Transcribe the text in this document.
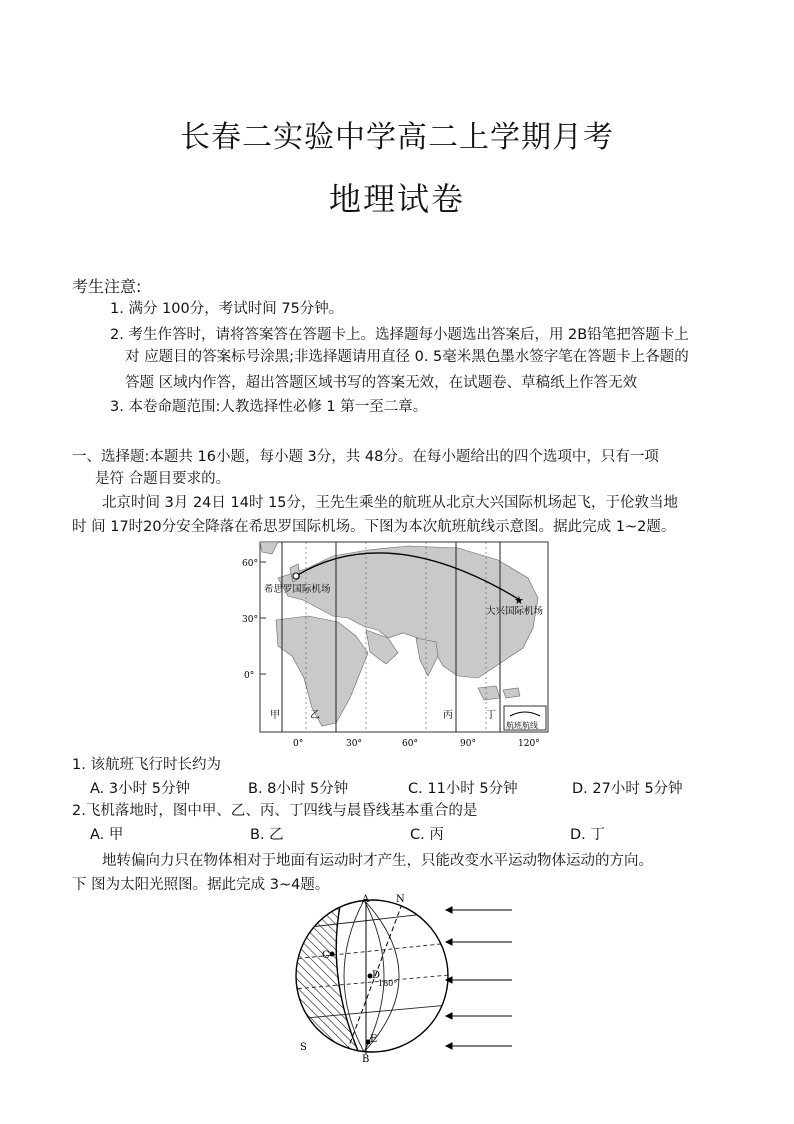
长春二实验中学高二上学期月考
地理试卷
考生注意:
1. 满分 100分，考试时间 75分钟。
2. 考生作答时，请将答案答在答题卡上。选择题每小题选出答案后，用 2B铅笔把答题卡上
对 应题目的答案标号涂黑;非选择题请用直径 0. 5毫米黑色墨水签字笔在答题卡上各题的
答题 区域内作答，超出答题区域书写的答案无效，在试题卷、草稿纸上作答无效
3. 本卷命题范围:人教选择性必修 1 第一至二章。
一、选择题:本题共 16小题，每小题 3分，共 48分。在每小题给出的四个选项中，只有一项
是符 合题目要求的。
北京时间 3月 24日 14时 15分，王先生乘坐的航班从北京大兴国际机场起飞，于伦敦当地
时 间 17时20分安全降落在希思罗国际机场。下图为本次航班航线示意图。据此完成 1~2题。
★
希思罗国际机场
大兴国际机场
60°
30°
0°
0°	30°	60°	90°	120°
甲	乙	丙	丁
航班航线
1. 该航班飞行时长约为
A. 3小时 5分钟	B. 8小时 5分钟	C. 11小时 5分钟	D. 27小时 5分钟
2.飞机落地时，图中甲、乙、丙、丁四线与晨昏线基本重合的是
A. 甲	B. 乙	C. 丙	D. 丁
地转偏向力只在物体相对于地面有运动时才产生，只能改变水平运动物体运动的方向。
下 图为太阳光照图。据此完成 3~4题。
A	N
C
D
180°
S
E
B
